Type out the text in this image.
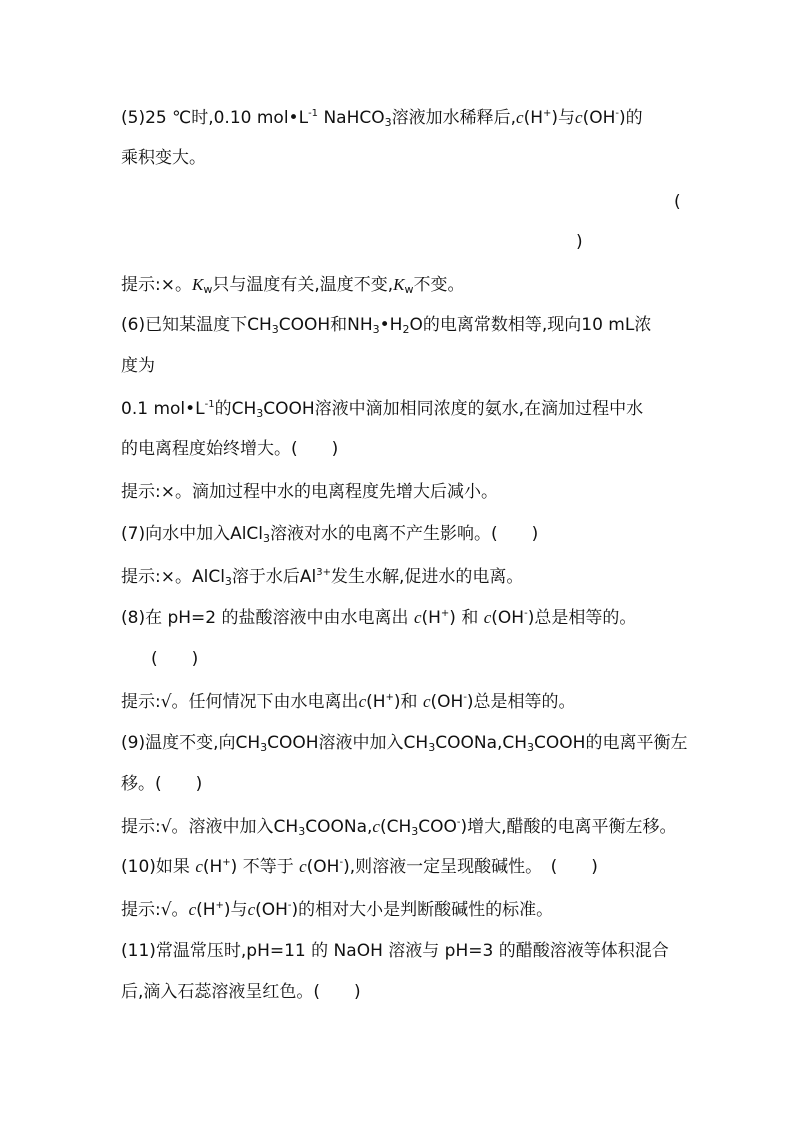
(5)25 ℃时,0.10 $mol•L^{-1}$ NaHCO$_3$溶液加水稀释后,c(H+)与c(OH-)的
乘积变大。
(
)
提示:×。$K_w$只与温度有关,温度不变$,K_w$不变。
(6)已知某温度下$CH_3COOH$和$NH_3•H_2O$的电离常数相等,现向10 mL浓
度为
0.1 $mol•L^{-1}$的$CH_3COOH$溶液中滴加相同浓度的氨水,在滴加过程中水
的电离程度始终增大。(　　)
提示:×。滴加过程中水的电离程度先增大后减小。
(7)向水中加入AlCl$_3$溶液对水的电离不产生影响。(　　)
提示:×。AlCl$_3$溶于水后$Al^{3+}$发生水解,促进水的电离。
(8)在 pH=2 的盐酸溶液中由水电离出 c(H+) 和 c(OH-)总是相等的。
(　　)
提示:√。任何情况下由水电离出c(H+)和 c(OH-)总是相等的。
(9)温度不变,向$CH_3COOH$溶液中加入$CH_3COONa,CH_3COOH$的电离平衡左
移。(　　)
提示:√。溶液中加入$CH_3COONa,c(CH_3COO^-)$增大,醋酸的电离平衡左移。
(10)如果 c(H+) 不等于 c(OH-),则溶液一定呈现酸碱性。　(　　)
提示:√。c(H+)与c(OH-)的相对大小是判断酸碱性的标准。
(11)常温常压时,pH=11 的 NaOH 溶液与 pH=3 的醋酸溶液等体积混合
后,滴入石蕊溶液呈红色。(　　)
